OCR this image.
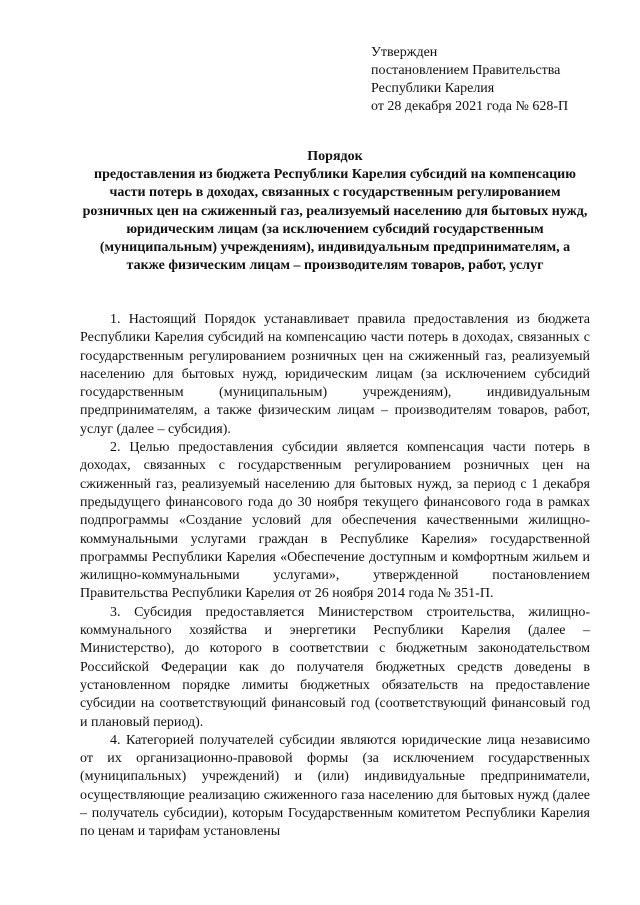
Утвержден
постановлением Правительства
Республики Карелия
от 28 декабря 2021 года № 628-П
Порядок
предоставления из бюджета Республики Карелия субсидий на компенсацию части потерь в доходах, связанных с государственным регулированием розничных цен на сжиженный газ, реализуемый населению для бытовых нужд, юридическим лицам (за исключением субсидий государственным (муниципальным) учреждениям), индивидуальным предпринимателям, а также физическим лицам – производителям товаров, работ, услуг

1. Настоящий Порядок устанавливает правила предоставления из бюджета Республики Карелия субсидий на компенсацию части потерь в доходах, связанных с государственным регулированием розничных цен на сжиженный газ, реализуемый населению для бытовых нужд, юридическим лицам (за исключением субсидий государственным (муниципальным) учреждениям), индивидуальным предпринимателям, а также физическим лицам – производителям товаров, работ, услуг (далее – субсидия).

2. Целью предоставления субсидии является компенсация части потерь в доходах, связанных с государственным регулированием розничных цен на сжиженный газ, реализуемый населению для бытовых нужд, за период с 1 декабря предыдущего финансового года до 30 ноября текущего финансового года в рамках подпрограммы «Создание условий для обеспечения качественными жилищно-коммунальными услугами граждан в Республике Карелия» государственной программы Республики Карелия «Обеспечение доступным и комфортным жильем и жилищно-коммунальными услугами», утвержденной постановлением Правительства Республики Карелия от 26 ноября 2014 года № 351-П.

3. Субсидия предоставляется Министерством строительства, жилищно-коммунального хозяйства и энергетики Республики Карелия (далее – Министерство), до которого в соответствии с бюджетным законодательством Российской Федерации как до получателя бюджетных средств доведены в установленном порядке лимиты бюджетных обязательств на предоставление субсидии на соответствующий финансовый год (соответствующий финансовый год и плановый период).

4. Категорией получателей субсидии являются юридические лица независимо от их организационно-правовой формы (за исключением государственных (муниципальных) учреждений) и (или) индивидуальные предприниматели, осуществляющие реализацию сжиженного газа населению для бытовых нужд (далее – получатель субсидии), которым Государственным комитетом Республики Карелия по ценам и тарифам установлены
